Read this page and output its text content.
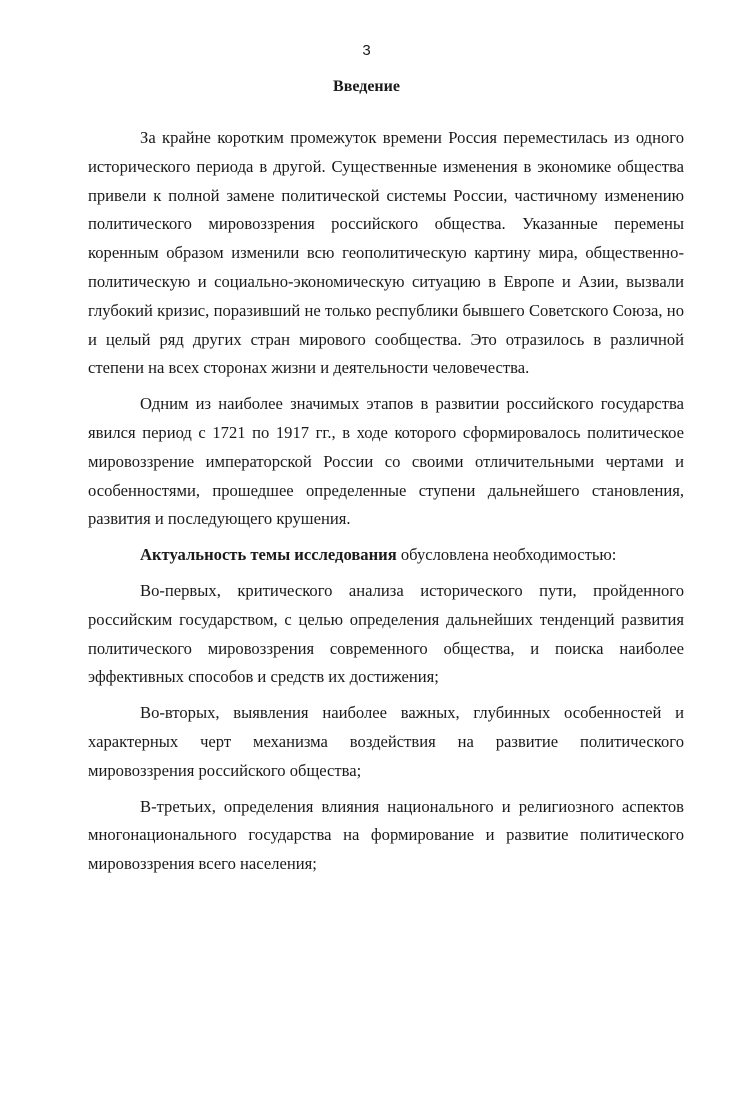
3
Введение

За крайне коротким промежуток времени Россия переместилась из одного исторического периода в другой. Существенные изменения в экономике общества привели к полной замене политической системы России, частичному изменению политического мировоззрения российского общества. Указанные перемены коренным образом изменили всю геополитическую картину мира, общественно-политическую и социально-экономическую ситуацию в Европе и Азии, вызвали глубокий кризис, поразивший не только республики бывшего Советского Союза, но и целый ряд других стран мирового сообщества. Это отразилось в различной степени на всех сторонах жизни и деятельности человечества.

Одним из наиболее значимых этапов в развитии российского государства явился период с 1721 по 1917 гг., в ходе которого сформировалось политическое мировоззрение императорской России со своими отличительными чертами и особенностями, прошедшее определенные ступени дальнейшего становления, развития и последующего крушения.

Актуальность темы исследования обусловлена необходимостью:

Во-первых, критического анализа исторического пути, пройденного российским государством, с целью определения дальнейших тенденций развития политического мировоззрения современного общества, и поиска наиболее эффективных способов и средств их достижения;

Во-вторых, выявления наиболее важных, глубинных особенностей и характерных черт механизма воздействия на развитие политического мировоззрения российского общества;

В-третьих, определения влияния национального и религиозного аспектов многонационального государства на формирование и развитие политического мировоззрения всего населения;
